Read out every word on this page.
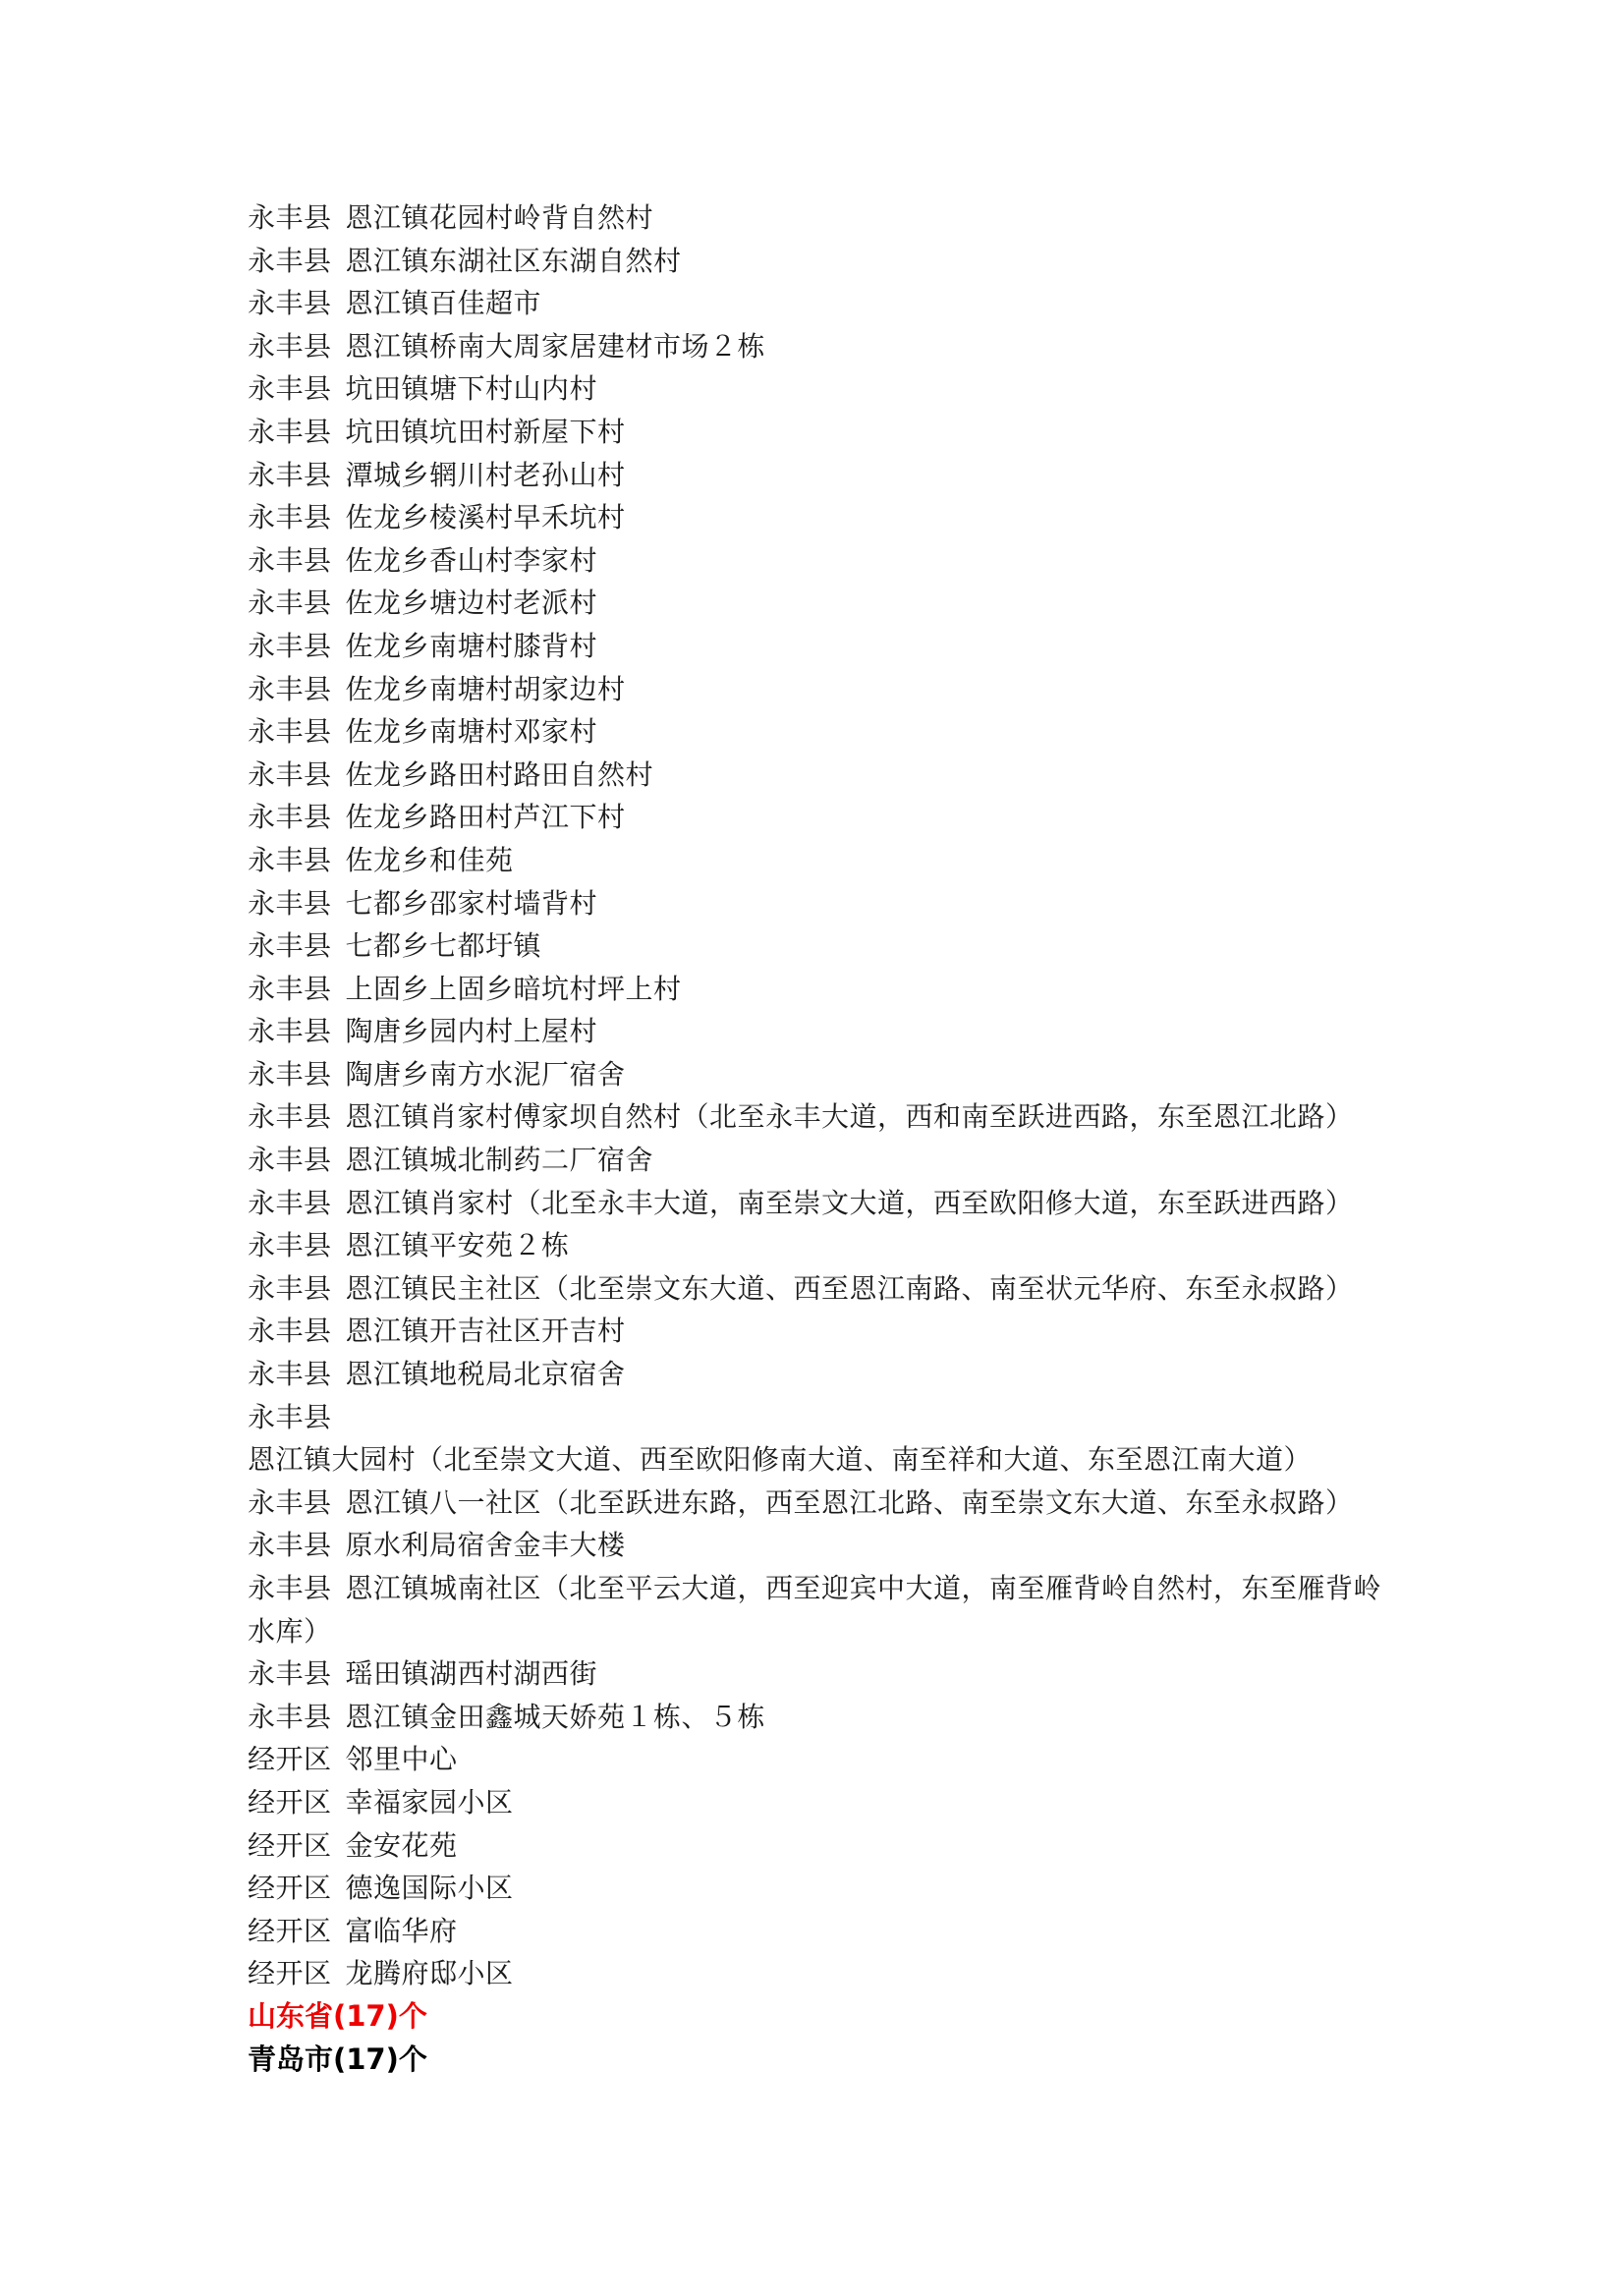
永丰县 恩江镇花园村岭背自然村
永丰县 恩江镇东湖社区东湖自然村
永丰县 恩江镇百佳超市
永丰县 恩江镇桥南大周家居建材市场２栋
永丰县 坑田镇塘下村山内村
永丰县 坑田镇坑田村新屋下村
永丰县 潭城乡辋川村老孙山村
永丰县 佐龙乡棱溪村早禾坑村
永丰县 佐龙乡香山村李家村
永丰县 佐龙乡塘边村老派村
永丰县 佐龙乡南塘村膝背村
永丰县 佐龙乡南塘村胡家边村
永丰县 佐龙乡南塘村邓家村
永丰县 佐龙乡路田村路田自然村
永丰县 佐龙乡路田村芦江下村
永丰县 佐龙乡和佳苑
永丰县 七都乡邵家村墙背村
永丰县 七都乡七都圩镇
永丰县 上固乡上固乡暗坑村坪上村
永丰县 陶唐乡园内村上屋村
永丰县 陶唐乡南方水泥厂宿舍
永丰县 恩江镇肖家村傅家坝自然村（北至永丰大道，西和南至跃进西路，东至恩江北路）
永丰县 恩江镇城北制药二厂宿舍
永丰县 恩江镇肖家村（北至永丰大道，南至崇文大道，西至欧阳修大道，东至跃进西路）
永丰县 恩江镇平安苑２栋
永丰县 恩江镇民主社区（北至崇文东大道、西至恩江南路、南至状元华府、东至永叔路）
永丰县 恩江镇开吉社区开吉村
永丰县 恩江镇地税局北京宿舍
永丰县恩江镇大园村（北至崇文大道、西至欧阳修南大道、南至祥和大道、东至恩江南大道）
永丰县 恩江镇八一社区（北至跃进东路，西至恩江北路、南至崇文东大道、东至永叔路）
永丰县 原水利局宿舍金丰大楼
永丰县 恩江镇城南社区（北至平云大道，西至迎宾中大道，南至雁背岭自然村，东至雁背岭水库）
永丰县 瑶田镇湖西村湖西街
永丰县 恩江镇金田鑫城天娇苑１栋、５栋
经开区 邻里中心
经开区 幸福家园小区
经开区 金安花苑
经开区 德逸国际小区
经开区 富临华府
经开区 龙腾府邸小区
山东省(17)个
青岛市(17)个
